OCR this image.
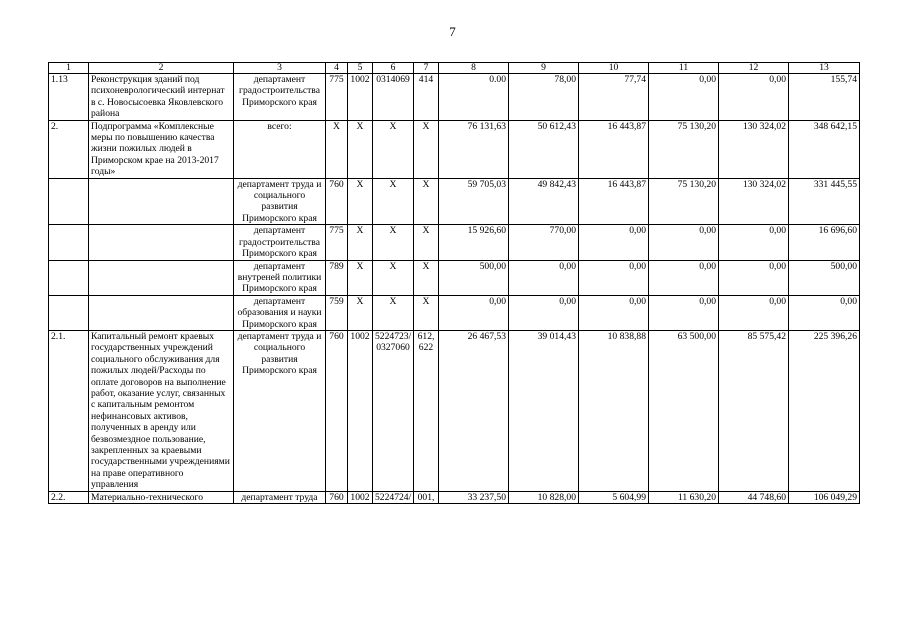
7
1	2	3	4	5	6	7	8	9	10	11	12	13
1.13	Реконструкция зданий под психоневрологический интернат в с. Новосысоевка Яковлевского района	департамент градостроительства Приморского края	775	1002	0314069	414	0.00	78,00	77,74	0,00	0,00	155,74
2.	Подпрограмма «Комплексные меры по повышению качества жизни пожилых людей в Приморском крае на 2013-2017 годы»	всего:	X	X	X	X	76 131,63	50 612,43	16 443,87	75 130,20	130 324,02	348 642,15
		департамент труда и социального развития Приморского края	760	X	X	X	59 705,03	49 842,43	16 443,87	75 130,20	130 324,02	331 445,55
		департамент градостроительства Приморского края	775	X	X	X	15 926,60	770,00	0,00	0,00	0,00	16 696,60
		департамент внутреней политики Приморского края	789	X	X	X	500,00	0,00	0,00	0,00	0,00	500,00
		департамент образования и науки Приморского края	759	X	X	X	0,00	0,00	0,00	0,00	0,00	0,00
2.1.	Капитальный ремонт краевых государственных учреждений социального обслуживания для пожилых людей/Расходы по оплате договоров на выполнение работ, оказание услуг, связанных с капитальным ремонтом нефинансовых активов, полученных в аренду или безвозмездное пользование, закрепленных за краевыми государственными учреждениями на праве оперативного управления	департамент труда и социального развития Приморского края	760	1002	5224723/ 0327060	612, 622	26 467,53	39 014,43	10 838,88	63 500,00	85 575,42	225 396,26
2.2.	Материально-технического	департамент труда	760	1002	5224724/	001,	33 237,50	10 828,00	5 604,99	11 630,20	44 748,60	106 049,29
